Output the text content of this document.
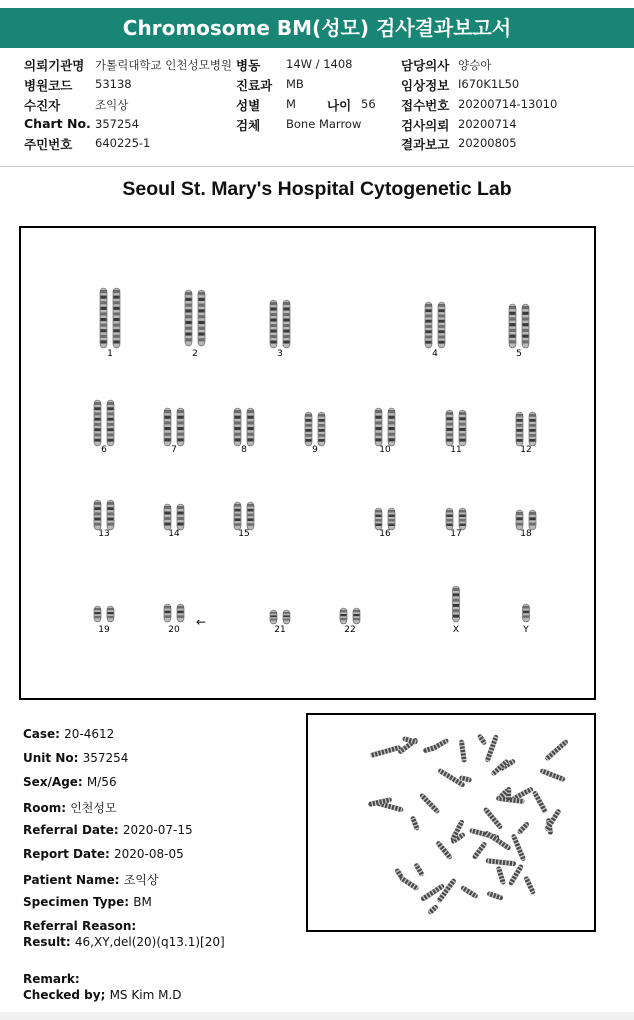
Chromosome BM(성모) 검사결과보고서
의뢰기관명 가톨릭대학교 인천성모병원 병동 14W / 1408	담당의사 양승아
병원코드 53138	진료과 MB	임상정보 I670K1L50
수진자	조익상	성별 M 나이 56 접수번호 20200714-13010
Chart No. 357254	검체 Bone Marrow	검사의뢰 20200714
주민번호 640225-1	결과보고 20200805
Seoul St. Mary's Hospital Cytogenetic Lab
1	2	3	4	5
6	7	8	9	10	11	12
13	14	15	16	17	18
19	20	21	22	X	Y
←
Case: 20-4612
Unit No: 357254
Sex/Age: M/56
Room: 인천성모
Referral Date: 2020-07-15
Report Date: 2020-08-05
Patient Name: 조익상
Specimen Type: BM
Referral Reason:
Result: 46,XY,del(20)(q13.1)[20]
Remark:
Checked by; MS Kim M.D
